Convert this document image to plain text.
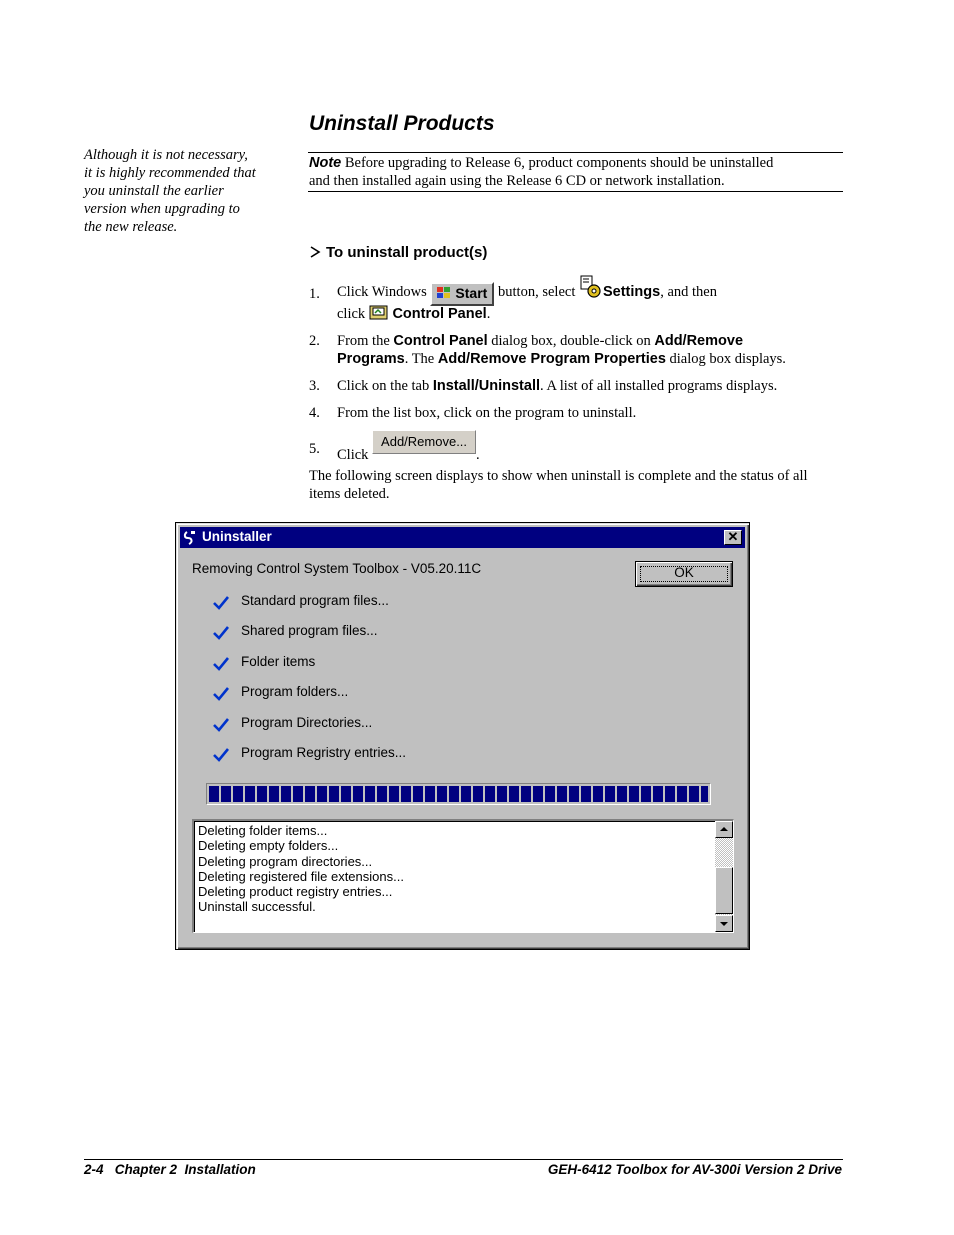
Although it is not necessary,
it is highly recommended that
you uninstall the earlier
version when upgrading to
the new release.
Uninstall Products
Note Before upgrading to Release 6, product components should be uninstalled
and then installed again using the Release 6 CD or network installation.
To uninstall product(s)
1. Click Windows Start button, select Settings, and then
click  Control Panel.
2. From the Control Panel dialog box, double-click on Add/Remove
Programs. The Add/Remove Program Properties dialog box displays.
3. Click on the tab Install/Uninstall. A list of all installed programs displays.
4. From the list box, click on the program to uninstall.
5. Click Add/Remove....
The following screen displays to show when uninstall is complete and the status of all items deleted.
Uninstaller	✕
Removing Control System Toolbox - V05.20.11C	OK
Standard program files...
Shared program files...
Folder items
Program folders...
Program Directories...
Program Regristry entries...
Deleting folder items...
Deleting empty folders...
Deleting program directories...
Deleting registered file extensions...
Deleting product registry entries...
Uninstall successful.
2-4   Chapter 2  Installation	GEH-6412 Toolbox for AV-300i Version 2 Drive
